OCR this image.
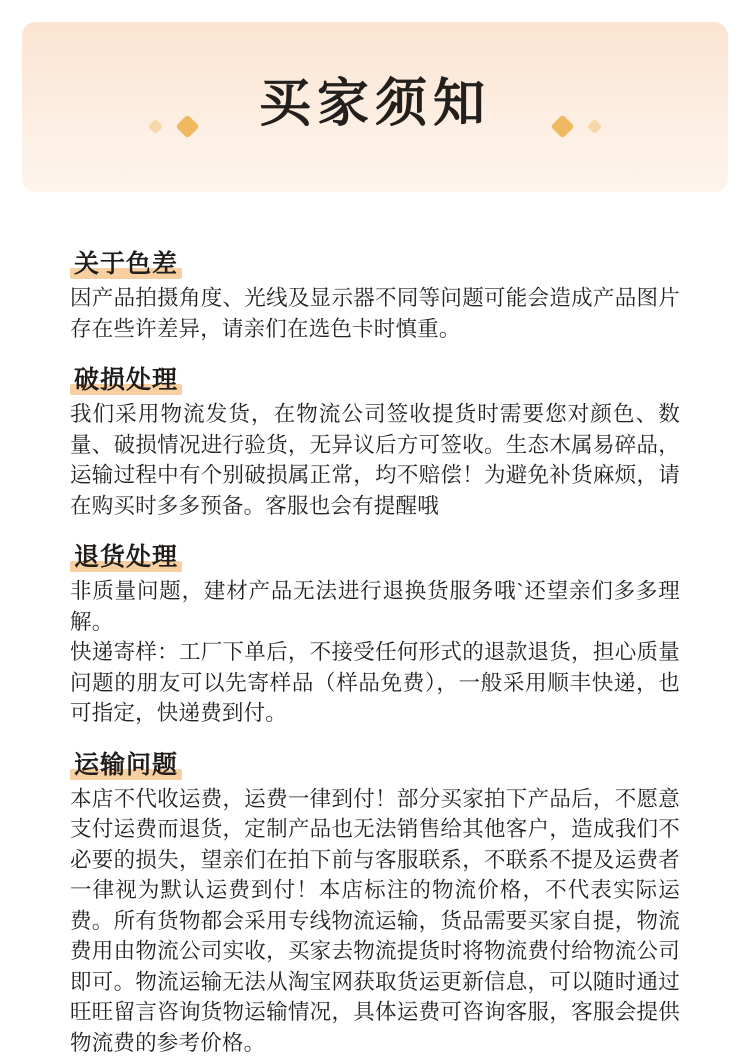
买家须知
关于色差

因产品拍摄角度、光线及显示器不同等问题可能会造成产品图片存在些许差异，请亲们在选色卡时慎重。

破损处理

我们采用物流发货，在物流公司签收提货时需要您对颜色、数量、破损情况进行验货，无异议后方可签收。生态木属易碎品，运输过程中有个别破损属正常，均不赔偿！为避免补货麻烦，请在购买时多多预备。客服也会有提醒哦

退货处理

非质量问题，建材产品无法进行退换货服务哦`还望亲们多多理解。

快递寄样：工厂下单后，不接受任何形式的退款退货，担心质量问题的朋友可以先寄样品（样品免费），一般采用顺丰快递，也可指定，快递费到付。

运输问题

本店不代收运费，运费一律到付！部分买家拍下产品后，不愿意支付运费而退货，定制产品也无法销售给其他客户，造成我们不必要的损失，望亲们在拍下前与客服联系，不联系不提及运费者一律视为默认运费到付！本店标注的物流价格，不代表实际运费。所有货物都会采用专线物流运输，货品需要买家自提，物流费用由物流公司实收，买家去物流提货时将物流费付给物流公司即可。物流运输无法从淘宝网获取货运更新信息，可以随时通过旺旺留言咨询货物运输情况，具体运费可咨询客服，客服会提供物流费的参考价格。
